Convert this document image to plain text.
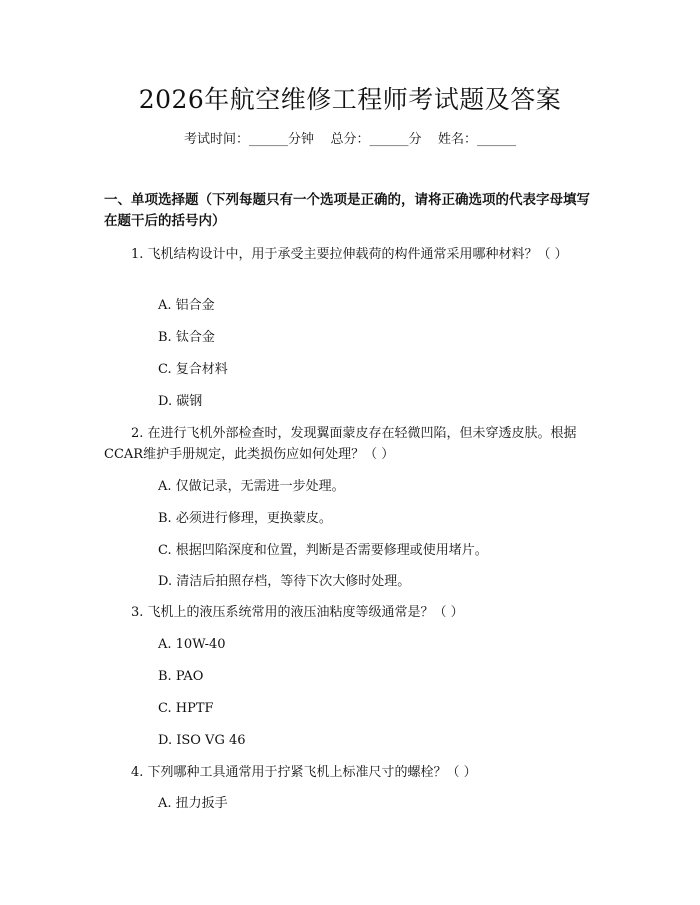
2026年航空维修工程师考试题及答案
考试时间：______分钟    总分：______分    姓名：______
一、单项选择题（下列每题只有一个选项是正确的，请将正确选项的代表字母填写在题干后的括号内）
1. 飞机结构设计中，用于承受主要拉伸载荷的构件通常采用哪种材料？（ ）
A. 铝合金
B. 钛合金
C. 复合材料
D. 碳钢
2. 在进行飞机外部检查时，发现翼面蒙皮存在轻微凹陷，但未穿透皮肤。根据CCAR维护手册规定，此类损伤应如何处理？（ ）
A. 仅做记录，无需进一步处理。
B. 必须进行修理，更换蒙皮。
C. 根据凹陷深度和位置，判断是否需要修理或使用堵片。
D. 清洁后拍照存档，等待下次大修时处理。
3. 飞机上的液压系统常用的液压油粘度等级通常是？（ ）
A. 10W-40
B. PAO
C. HPTF
D. ISO VG 46
4. 下列哪种工具通常用于拧紧飞机上标准尺寸的螺栓？（ ）
A. 扭力扳手
